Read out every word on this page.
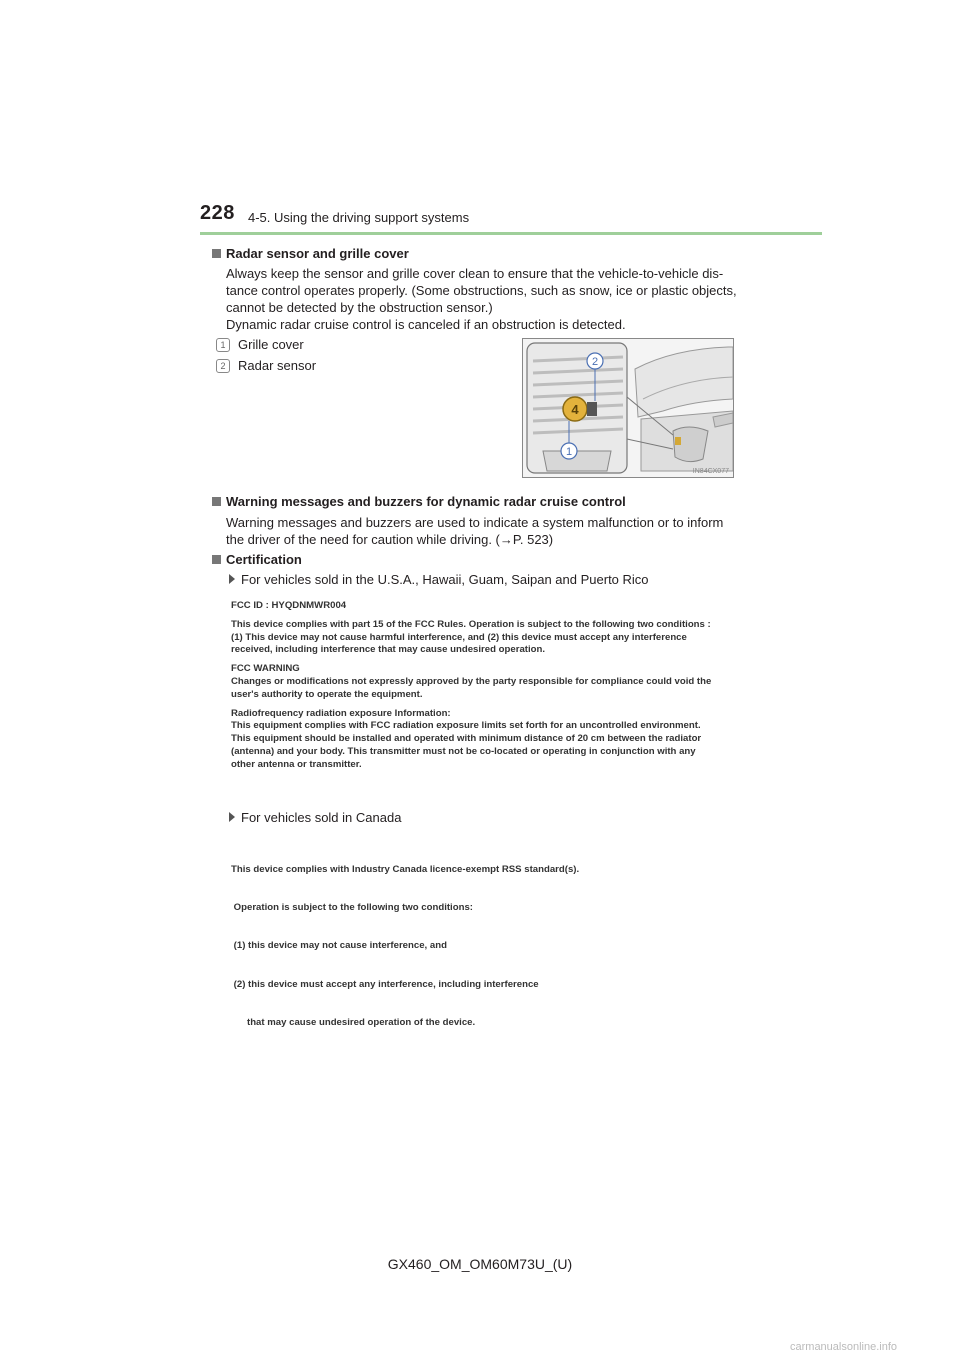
228 4-5. Using the driving support systems
Radar sensor and grille cover
Always keep the sensor and grille cover clean to ensure that the vehicle-to-vehicle dis-
tance control operates properly. (Some obstructions, such as snow, ice or plastic objects,
cannot be detected by the obstruction sensor.)
Dynamic radar cruise control is canceled if an obstruction is detected.
1 Grille cover
2 Radar sensor
4
2
1
IN84CX077
Warning messages and buzzers for dynamic radar cruise control
Warning messages and buzzers are used to indicate a system malfunction or to inform
the driver of the need for caution while driving. (→P. 523)
Certification
For vehicles sold in the U.S.A., Hawaii, Guam, Saipan and Puerto Rico
FCC ID : HYQDNMWR004
This device complies with part 15 of the FCC Rules. Operation is subject to the following two conditions :
(1) This device may not cause harmful interference, and (2) this device must accept any interference
received, including interference that may cause undesired operation.
FCC WARNING
Changes or modifications not expressly approved by the party responsible for compliance could void the
user's authority to operate the equipment.
Radiofrequency radiation exposure Information:
This equipment complies with FCC radiation exposure limits set forth for an uncontrolled environment.
This equipment should be installed and operated with minimum distance of 20 cm between the radiator
(antenna) and your body. This transmitter must not be co-located or operating in conjunction with any
other antenna or transmitter.
For vehicles sold in Canada

This device complies with Industry Canada licence-exempt RSS standard(s).

Operation is subject to the following two conditions:

(1) this device may not cause interference, and

(2) this device must accept any interference, including interference

that may cause undesired operation of the device.

GX460_OM_OM60M73U_(U)
carmanualsonline.info
